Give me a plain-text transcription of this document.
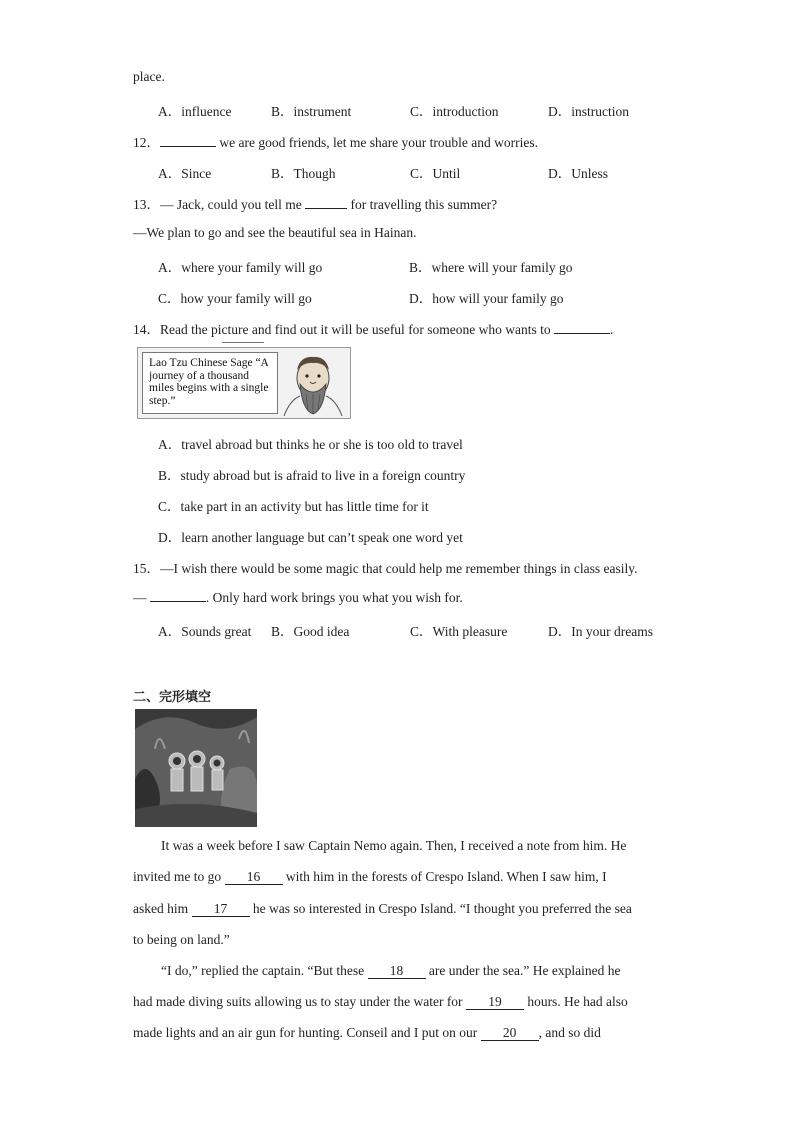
place.
A．influence	B．instrument	C．introduction	D．instruction
12．	we are good friends, let me share your trouble and worries.
A．Since	B．Though	C．Until	D．Unless
13．— Jack, could you tell me	for travelling this summer?
—We plan to go and see the beautiful sea in Hainan.
A．where your family will go	B．where will your family go
C．how your family will go	D．how will your family go
14．Read the picture and find out it will be useful for someone who wants to	.
Lao Tzu Chinese Sage “A journey of a thousand miles begins with a single step.”
A．travel abroad but thinks he or she is too old to travel
B．study abroad but is afraid to live in a foreign country
C．take part in an activity but has little time for it
D．learn another language but can’t speak one word yet
15．—I wish there would be some magic that could help me remember things in class easily.
—	. Only hard work brings you what you wish for.
A．Sounds great B．Good idea	C．With pleasure	D．In your dreams
二、完形填空
It was a week before I saw Captain Nemo again. Then, I received a note from him. He
invited me to go 16 with him in the forests of Crespo Island. When I saw him, I
asked him 17 he was so interested in Crespo Island. “I thought you preferred the sea
to being on land.”
“I do,” replied the captain. “But these 18 are under the sea.” He explained he
had made diving suits allowing us to stay under the water for 19 hours. He had also
made lights and an air gun for hunting. Conseil and I put on our 20 , and so did
